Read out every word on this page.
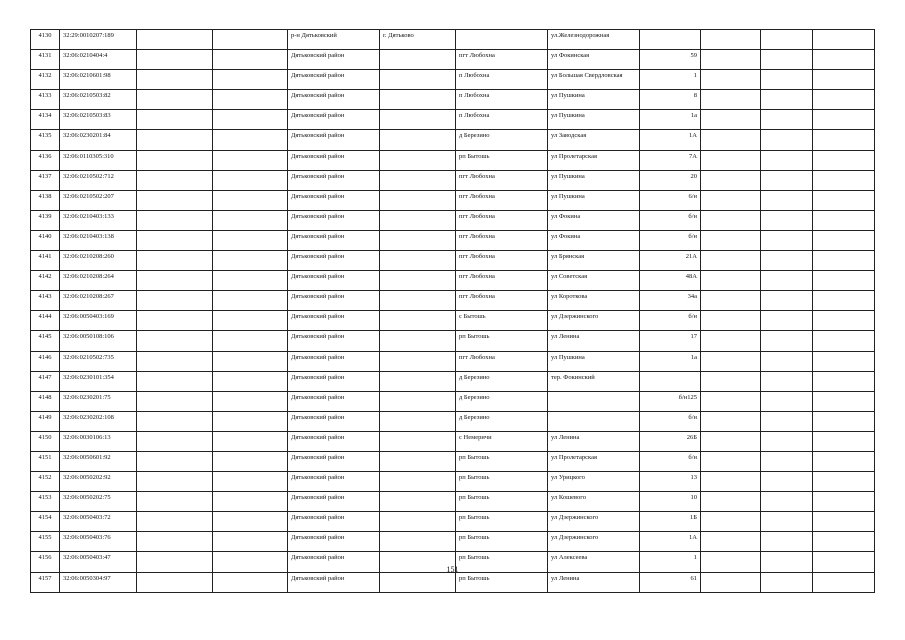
4130	32:29:0010207:189			р-н Дятьковский	г. Дятьково		ул.Железнодорожная				
4131	32:06:0210404:4			Дятьковский район		пгт Любохна	ул Фокинская	59			
4132	32:06:0210601:98			Дятьковский район		п Любохна	ул Большая Свердловская	1			
4133	32:06:0210503:82			Дятьковский район		п Любохна	ул Пушкина	8			
4134	32:06:0210503:83			Дятьковский район		п Любохна	ул Пушкина	1а			
4135	32:06:0230201:84			Дятьковский район		д Березино	ул Заводская	1А			
4136	32:06:0110305:310			Дятьковский район		рп Бытошь	ул Пролетарская	7А			
4137	32:06:0210502:712			Дятьковский район		пгт Любохна	ул Пушкина	20			
4138	32:06:0210502:207			Дятьковский район		пгт Любохна	ул Пушкина	6/н			
4139	32:06:0210403:133			Дятьковский район		пгт Любохна	ул Фокина	б/н			
4140	32:06:0210403:138			Дятьковский район		пгт Любохна	ул Фокина	б/н			
4141	32:06:0210208:260			Дятьковский район		пгт Любохна	ул Брянская	21А			
4142	32:06:0210208:264			Дятьковский район		пгт Любохна	ул Советская	48А			
4143	32:06:0210208:267			Дятьковский район		пгт Любохна	ул Короткова	34а			
4144	32:06:0050403:169			Дятьковский район		с Бытошь	ул Дзержинского	б/н			
4145	32:06:0050108:106			Дятьковский район		рп Бытошь	ул Ленина	17			
4146	32:06:0210502:735			Дятьковский район		пгт Любохна	ул Пушкина	1а			
4147	32:06:0230101:354			Дятьковский район		д Березино	тер. Фокинский				
4148	32:06:0230201:75			Дятьковский район		д Березино		б/н125			
4149	32:06:0230202:108			Дятьковский район		д Березино		б/н			
4150	32:06:0030106:13			Дятьковский район		с Немеричи	ул Ленина	26Б			
4151	32:06:0050601:92			Дятьковский район		рп Бытошь	ул Пролетарская	б/н			
4152	32:06:0050202:92			Дятьковский район		рп Бытошь	ул Урицкого	13			
4153	32:06:0050202:75			Дятьковский район		рп Бытошь	ул Кошевого	10			
4154	32:06:0050403:72			Дятьковский район		рп Бытошь	ул Дзержинского	1Б			
4155	32:06:0050403:76			Дятьковский район		рп Бытошь	ул Дзержинского	1А			
4156	32:06:0050403:47			Дятьковский район		рп Бытошь	ул Алексеева	1			
4157	32:06:0050304:97			Дятьковский район		рп Бытошь	ул Ленина	61			
151
